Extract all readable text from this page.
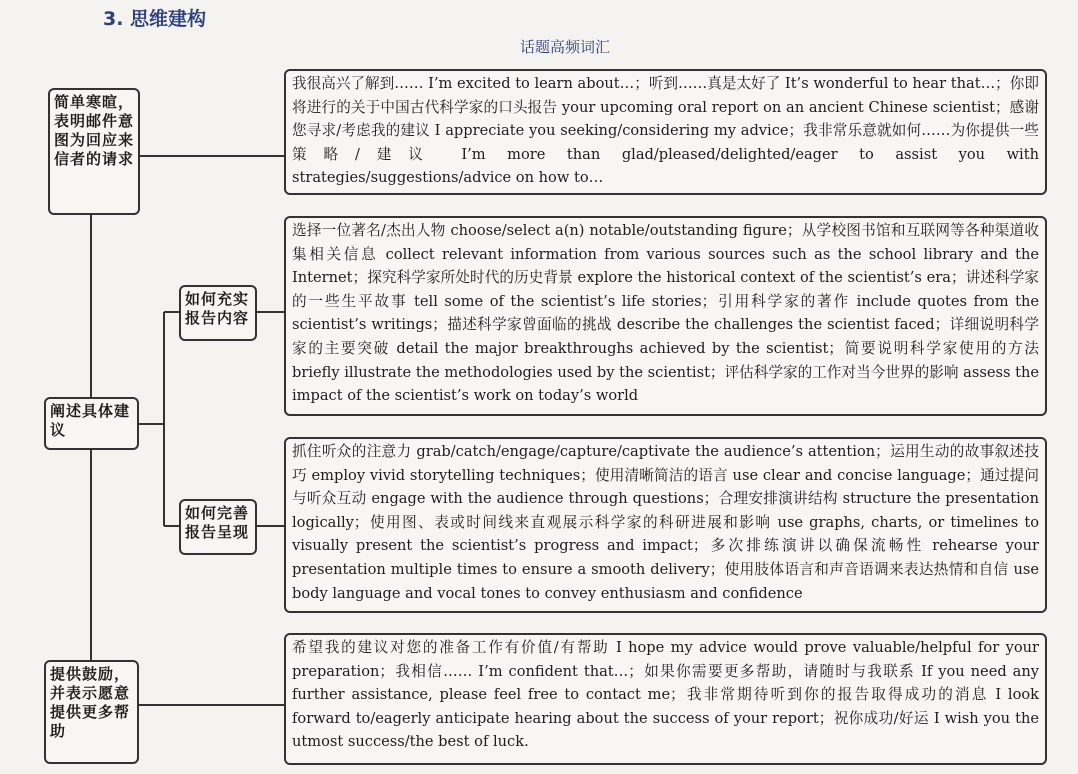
3. 思维建构
话题高频词汇
简单寒暄，表明邮件意图为回应来信者的请求
阐述具体建议
如何充实报告内容
如何完善报告呈现
提供鼓励，并表示愿意提供更多帮助
我很高兴了解到…… I’m excited to learn about…；听到……真是太好了 It’s wonderful to hear that…；你即将进行的关于中国古代科学家的口头报告 your upcoming oral report on an ancient Chinese scientist；感谢您寻求/考虑我的建议 I appreciate you seeking/considering my advice；我非常乐意就如何……为你提供一些策略/建议 I’m more than glad/pleased/delighted/eager to assist you with strategies/suggestions/advice on how to…
选择一位著名/杰出人物 choose/select a(n) notable/outstanding figure；从学校图书馆和互联网等各种渠道收集相关信息 collect relevant information from various sources such as the school library and the Internet；探究科学家所处时代的历史背景 explore the historical context of the scientist’s era；讲述科学家的一些生平故事 tell some of the scientist’s life stories；引用科学家的著作 include quotes from the scientist’s writings；描述科学家曾面临的挑战 describe the challenges the scientist faced；详细说明科学家的主要突破 detail the major breakthroughs achieved by the scientist；简要说明科学家使用的方法 briefly illustrate the methodologies used by the scientist；评估科学家的工作对当今世界的影响 assess the impact of the scientist’s work on today’s world
抓住听众的注意力 grab/catch/engage/capture/captivate the audience’s attention；运用生动的故事叙述技巧 employ vivid storytelling techniques；使用清晰简洁的语言 use clear and concise language；通过提问与听众互动 engage with the audience through questions；合理安排演讲结构 structure the presentation logically；使用图、表或时间线来直观展示科学家的科研进展和影响 use graphs, charts, or timelines to visually present the scientist’s progress and impact；多次排练演讲以确保流畅性 rehearse your presentation multiple times to ensure a smooth delivery；使用肢体语言和声音语调来表达热情和自信 use body language and vocal tones to convey enthusiasm and confidence
希望我的建议对您的准备工作有价值/有帮助 I hope my advice would prove valuable/helpful for your preparation；我相信…… I’m confident that…；如果你需要更多帮助，请随时与我联系 If you need any further assistance, please feel free to contact me；我非常期待听到你的报告取得成功的消息 I look forward to/eagerly anticipate hearing about the success of your report；祝你成功/好运 I wish you the utmost success/the best of luck.
